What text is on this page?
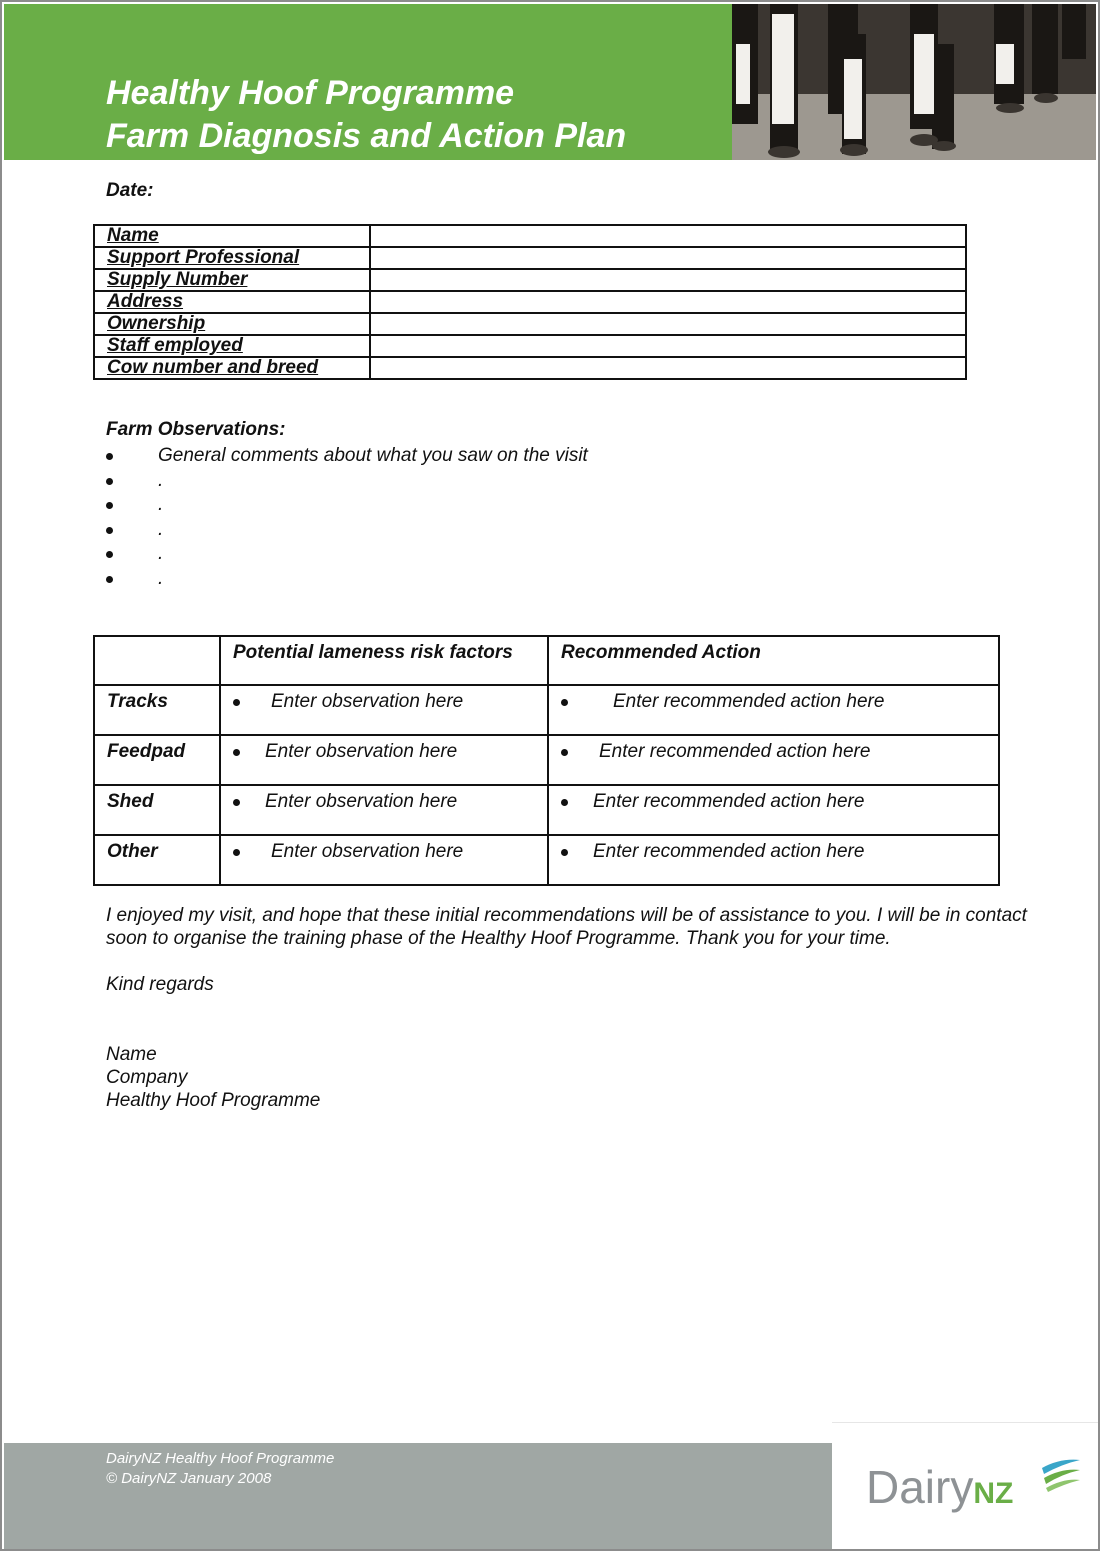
Healthy Hoof Programme
Farm Diagnosis and Action Plan
Date:
Name	
Support Professional	
Supply Number	
Address	
Ownership	
Staff employed	
Cow number and breed	
Farm Observations:
General comments about what you saw on the visit
.
.
.
.
.
	Potential lameness risk factors	Recommended Action
Tracks	Enter observation here	Enter recommended action here

Feedpad	Enter observation here	Enter recommended action here

Shed	Enter observation here	Enter recommended action here

Other	Enter observation here	Enter recommended action here
I enjoyed my visit, and hope that these initial recommendations will be of assistance to you. I will be in contact soon to organise the training phase of the Healthy Hoof Programme. Thank you for your time.
Kind regards
Name
Company
Healthy Hoof Programme
DairyNZ Healthy Hoof Programme
© DairyNZ January 2008	DairyNZ
